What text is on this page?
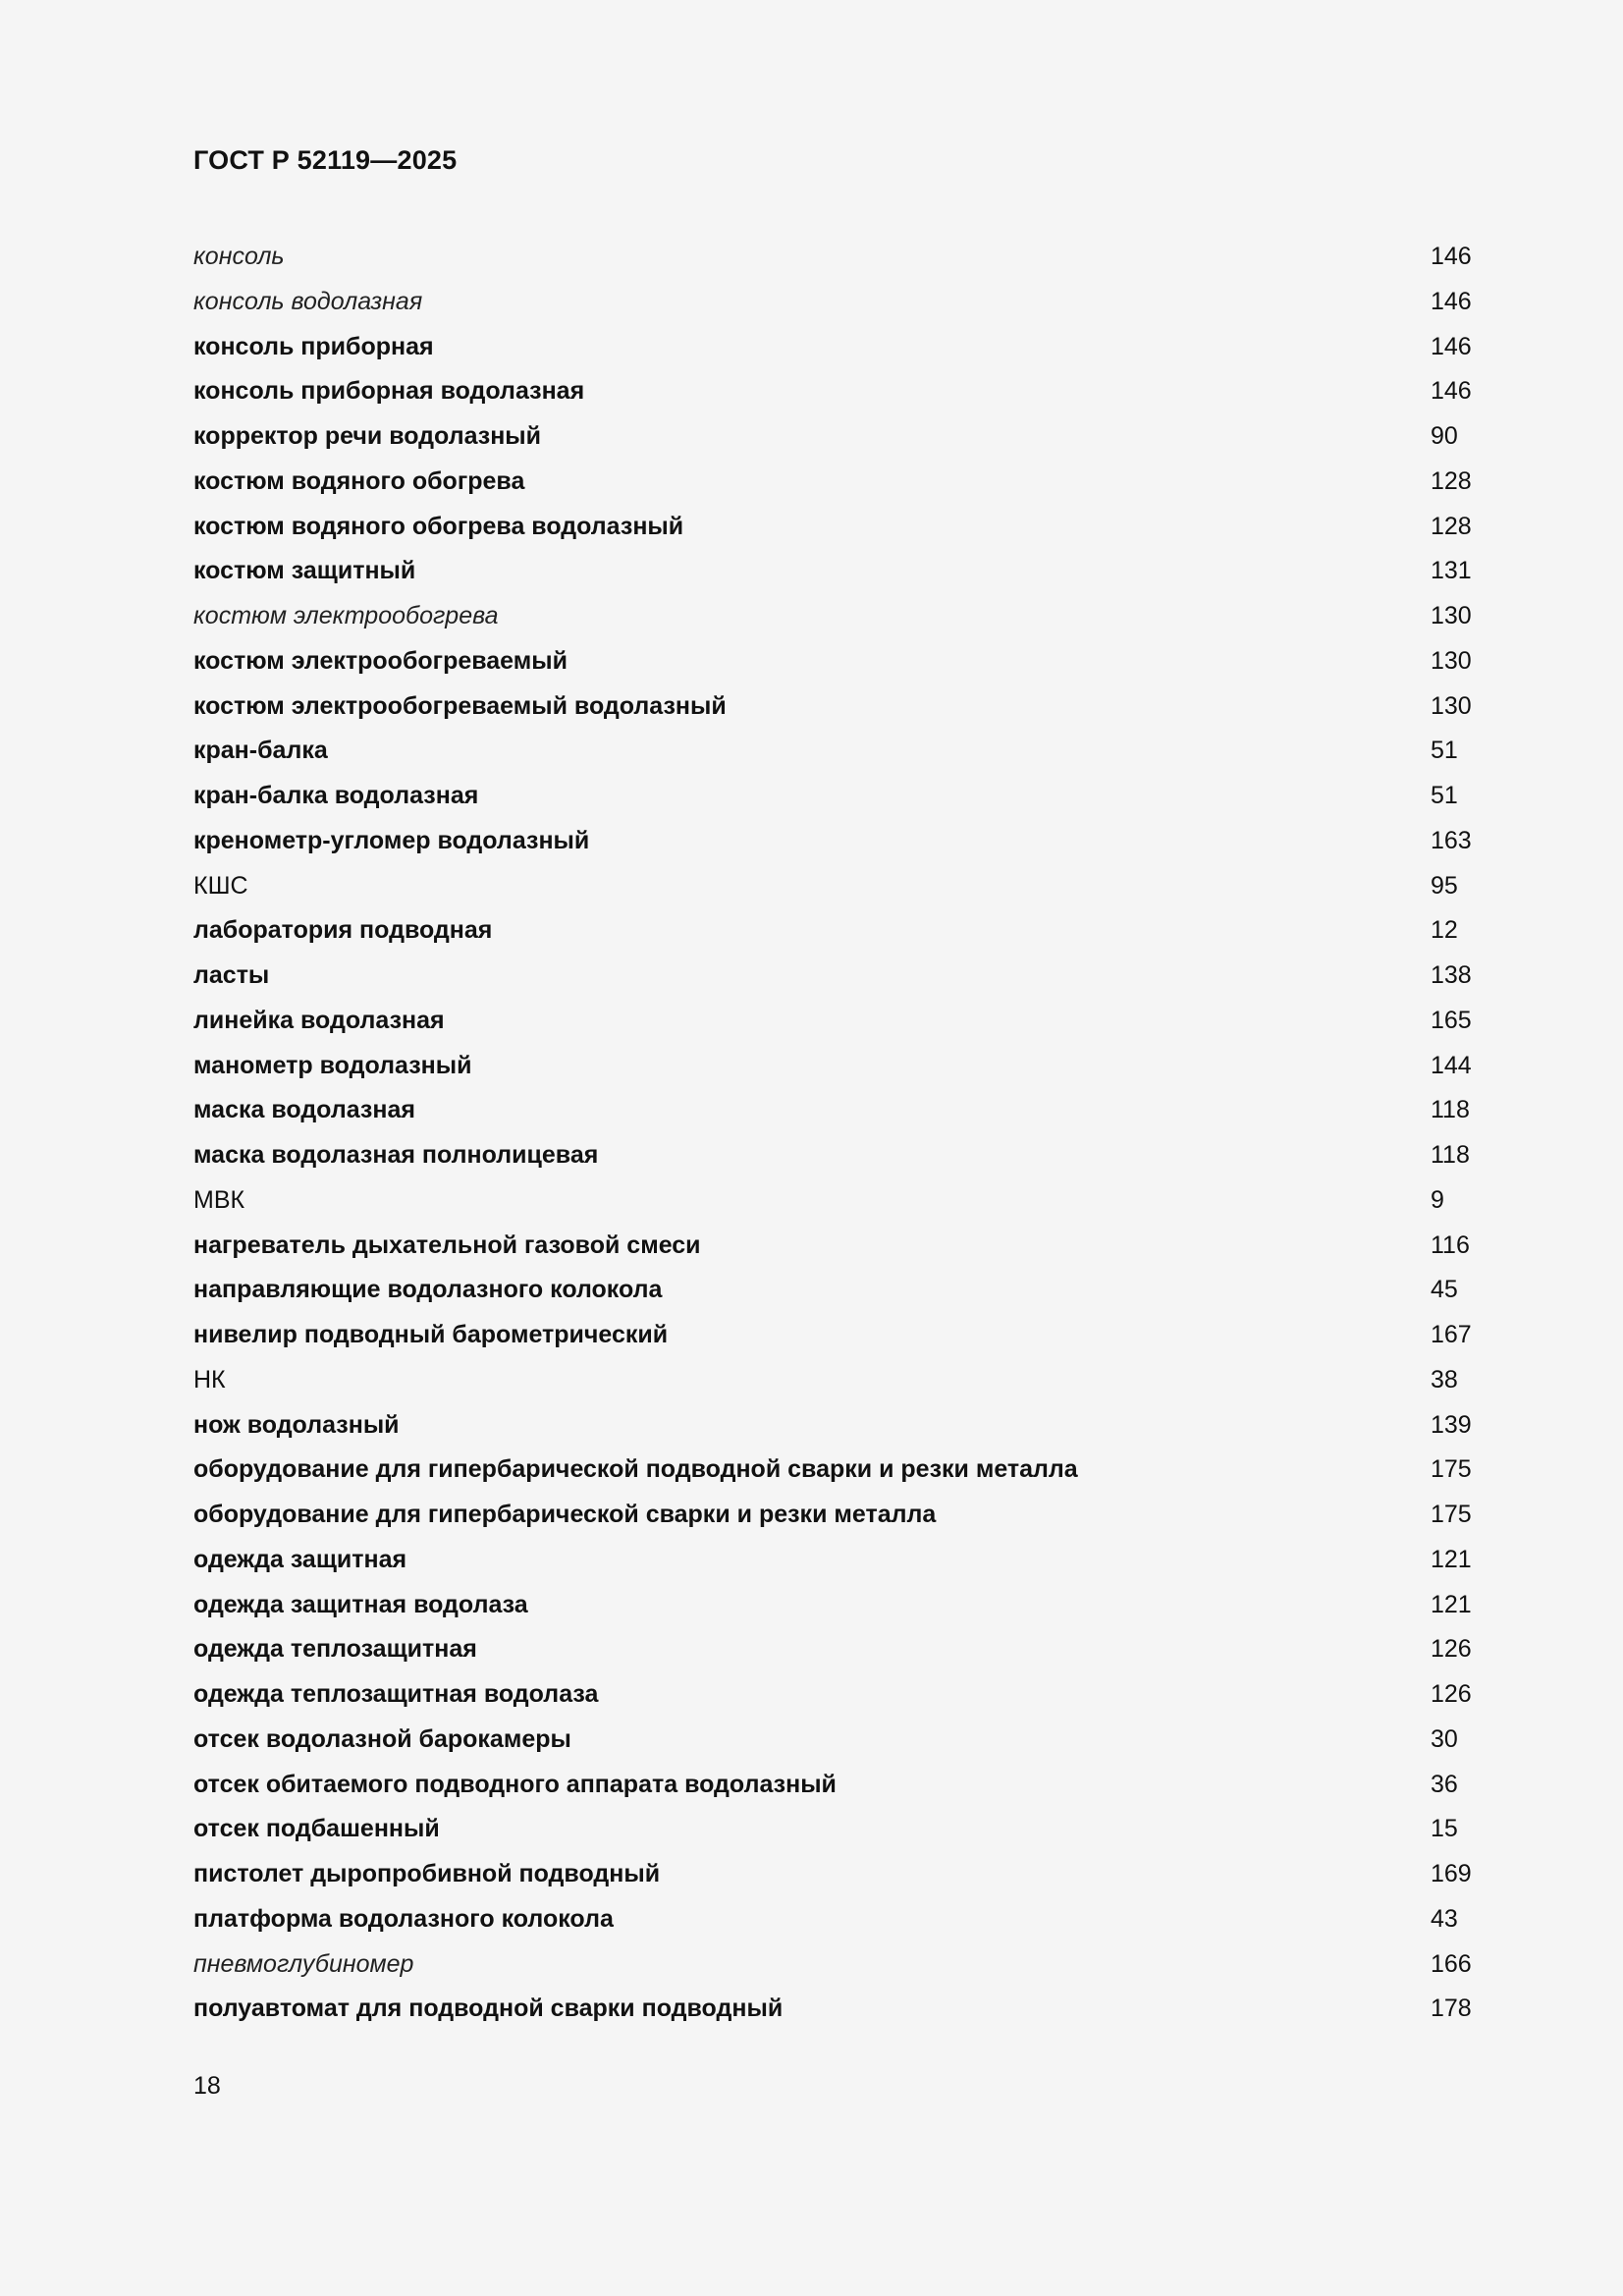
ГОСТ Р 52119—2025
консоль	146
консоль водолазная	146
консоль приборная	146
консоль приборная водолазная	146
корректор речи водолазный	90
костюм водяного обогрева	128
костюм водяного обогрева водолазный	128
костюм защитный	131
костюм электрообогрева	130
костюм электрообогреваемый	130
костюм электрообогреваемый водолазный	130
кран-балка	51
кран-балка водолазная	51
кренометр-угломер водолазный	163
КШС	95
лаборатория подводная	12
ласты	138
линейка водолазная	165
манометр водолазный	144
маска водолазная	118
маска водолазная полнолицевая	118
МВК	9
нагреватель дыхательной газовой смеси	116
направляющие водолазного колокола	45
нивелир подводный барометрический	167
НК	38
нож водолазный	139
оборудование для гипербарической подводной сварки и резки металла	175
оборудование для гипербарической сварки и резки металла	175
одежда защитная	121
одежда защитная водолаза	121
одежда теплозащитная	126
одежда теплозащитная водолаза	126
отсек водолазной барокамеры	30
отсек обитаемого подводного аппарата водолазный	36
отсек подбашенный	15
пистолет дыропробивной подводный	169
платформа водолазного колокола	43
пневмоглубиномер	166
полуавтомат для подводной сварки подводный	178
18
